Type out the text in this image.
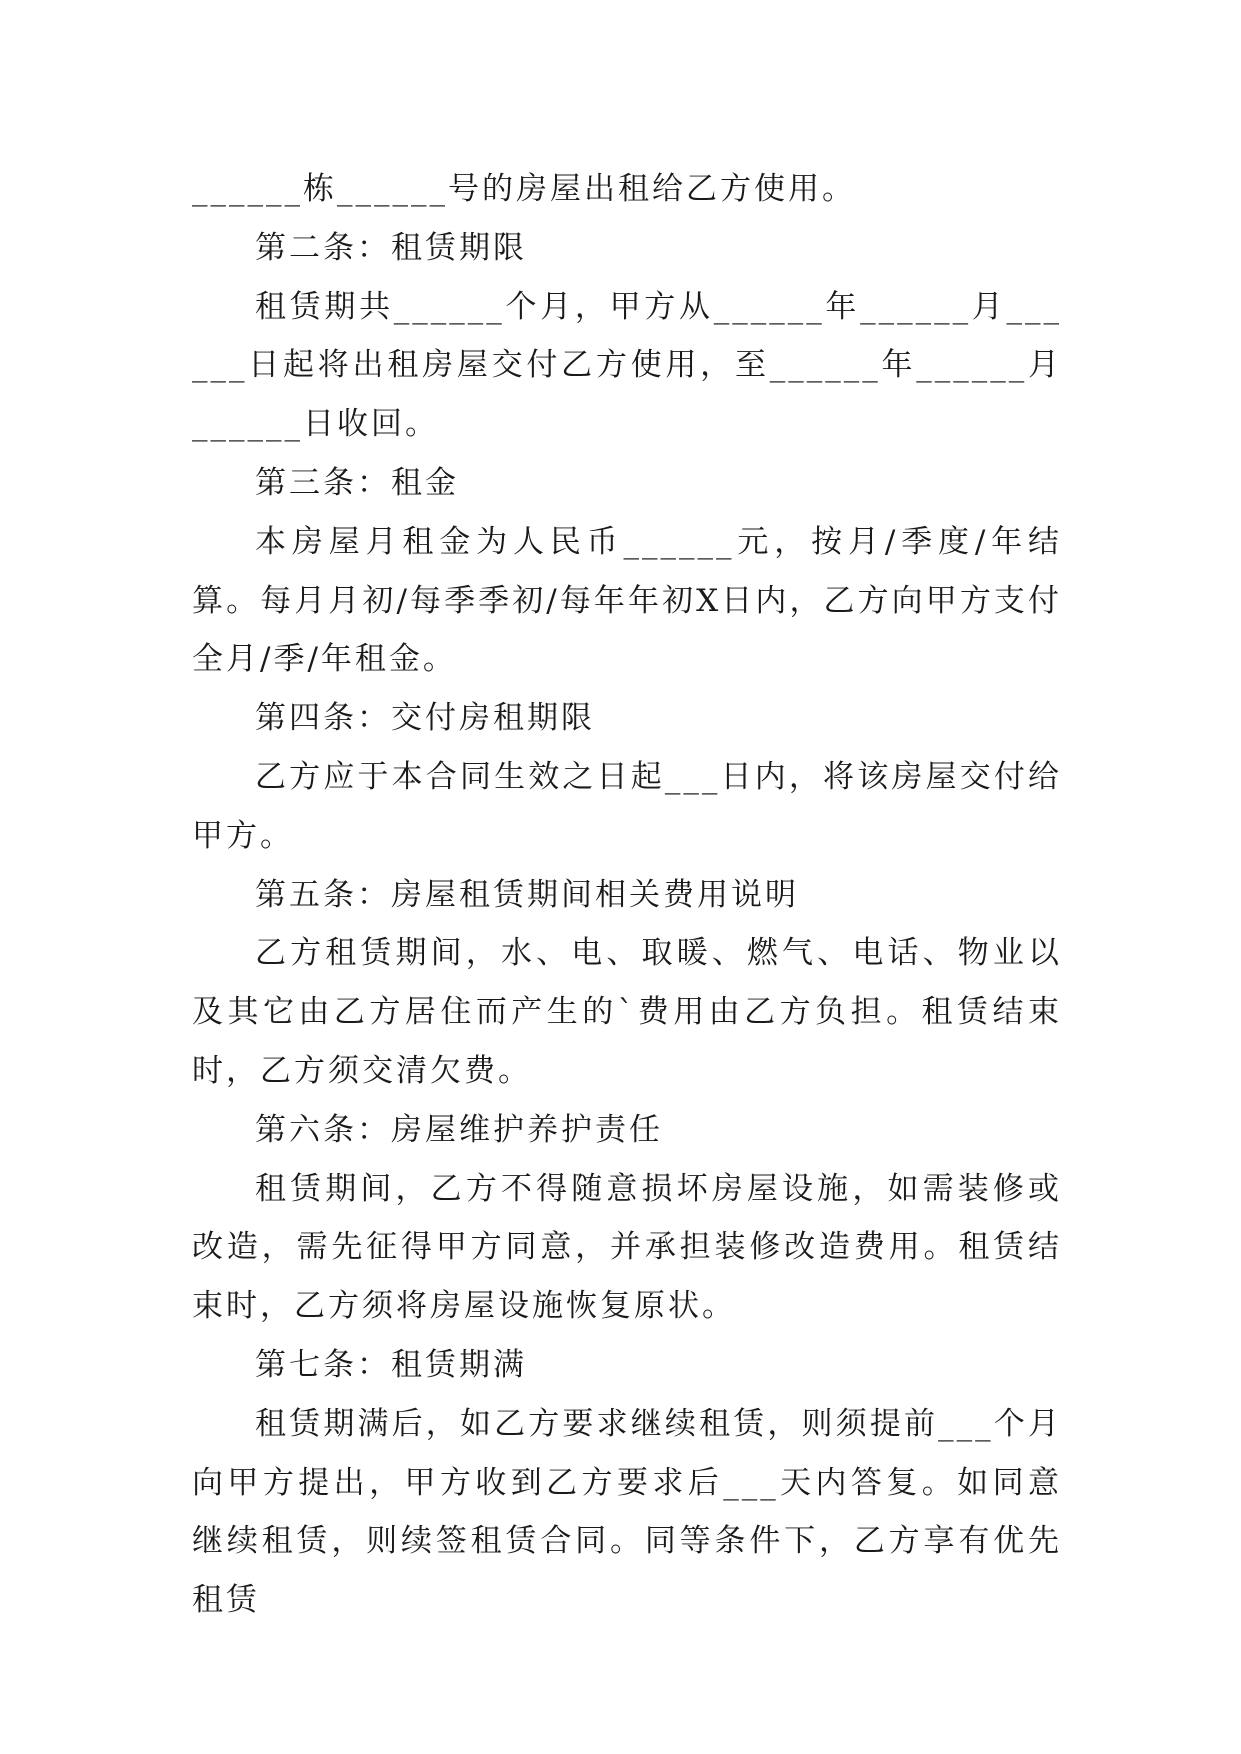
______栋______号的房屋出租给乙方使用。

第二条：租赁期限

租赁期共______个月，甲方从______年______月______日起将出租房屋交付乙方使用，至______年______月______日收回。

第三条：租金

本房屋月租金为人民币______元，按月/季度/年结算。每月月初/每季季初/每年年初X日内，乙方向甲方支付全月/季/年租金。

第四条：交付房租期限

乙方应于本合同生效之日起___日内，将该房屋交付给甲方。

第五条：房屋租赁期间相关费用说明

乙方租赁期间，水、电、取暖、燃气、电话、物业以及其它由乙方居住而产生的`费用由乙方负担。租赁结束时，乙方须交清欠费。

第六条：房屋维护养护责任

租赁期间，乙方不得随意损坏房屋设施，如需装修或改造，需先征得甲方同意，并承担装修改造费用。租赁结束时，乙方须将房屋设施恢复原状。

第七条：租赁期满

租赁期满后，如乙方要求继续租赁，则须提前___个月向甲方提出，甲方收到乙方要求后___天内答复。如同意继续租赁，则续签租赁合同。同等条件下，乙方享有优先租赁
